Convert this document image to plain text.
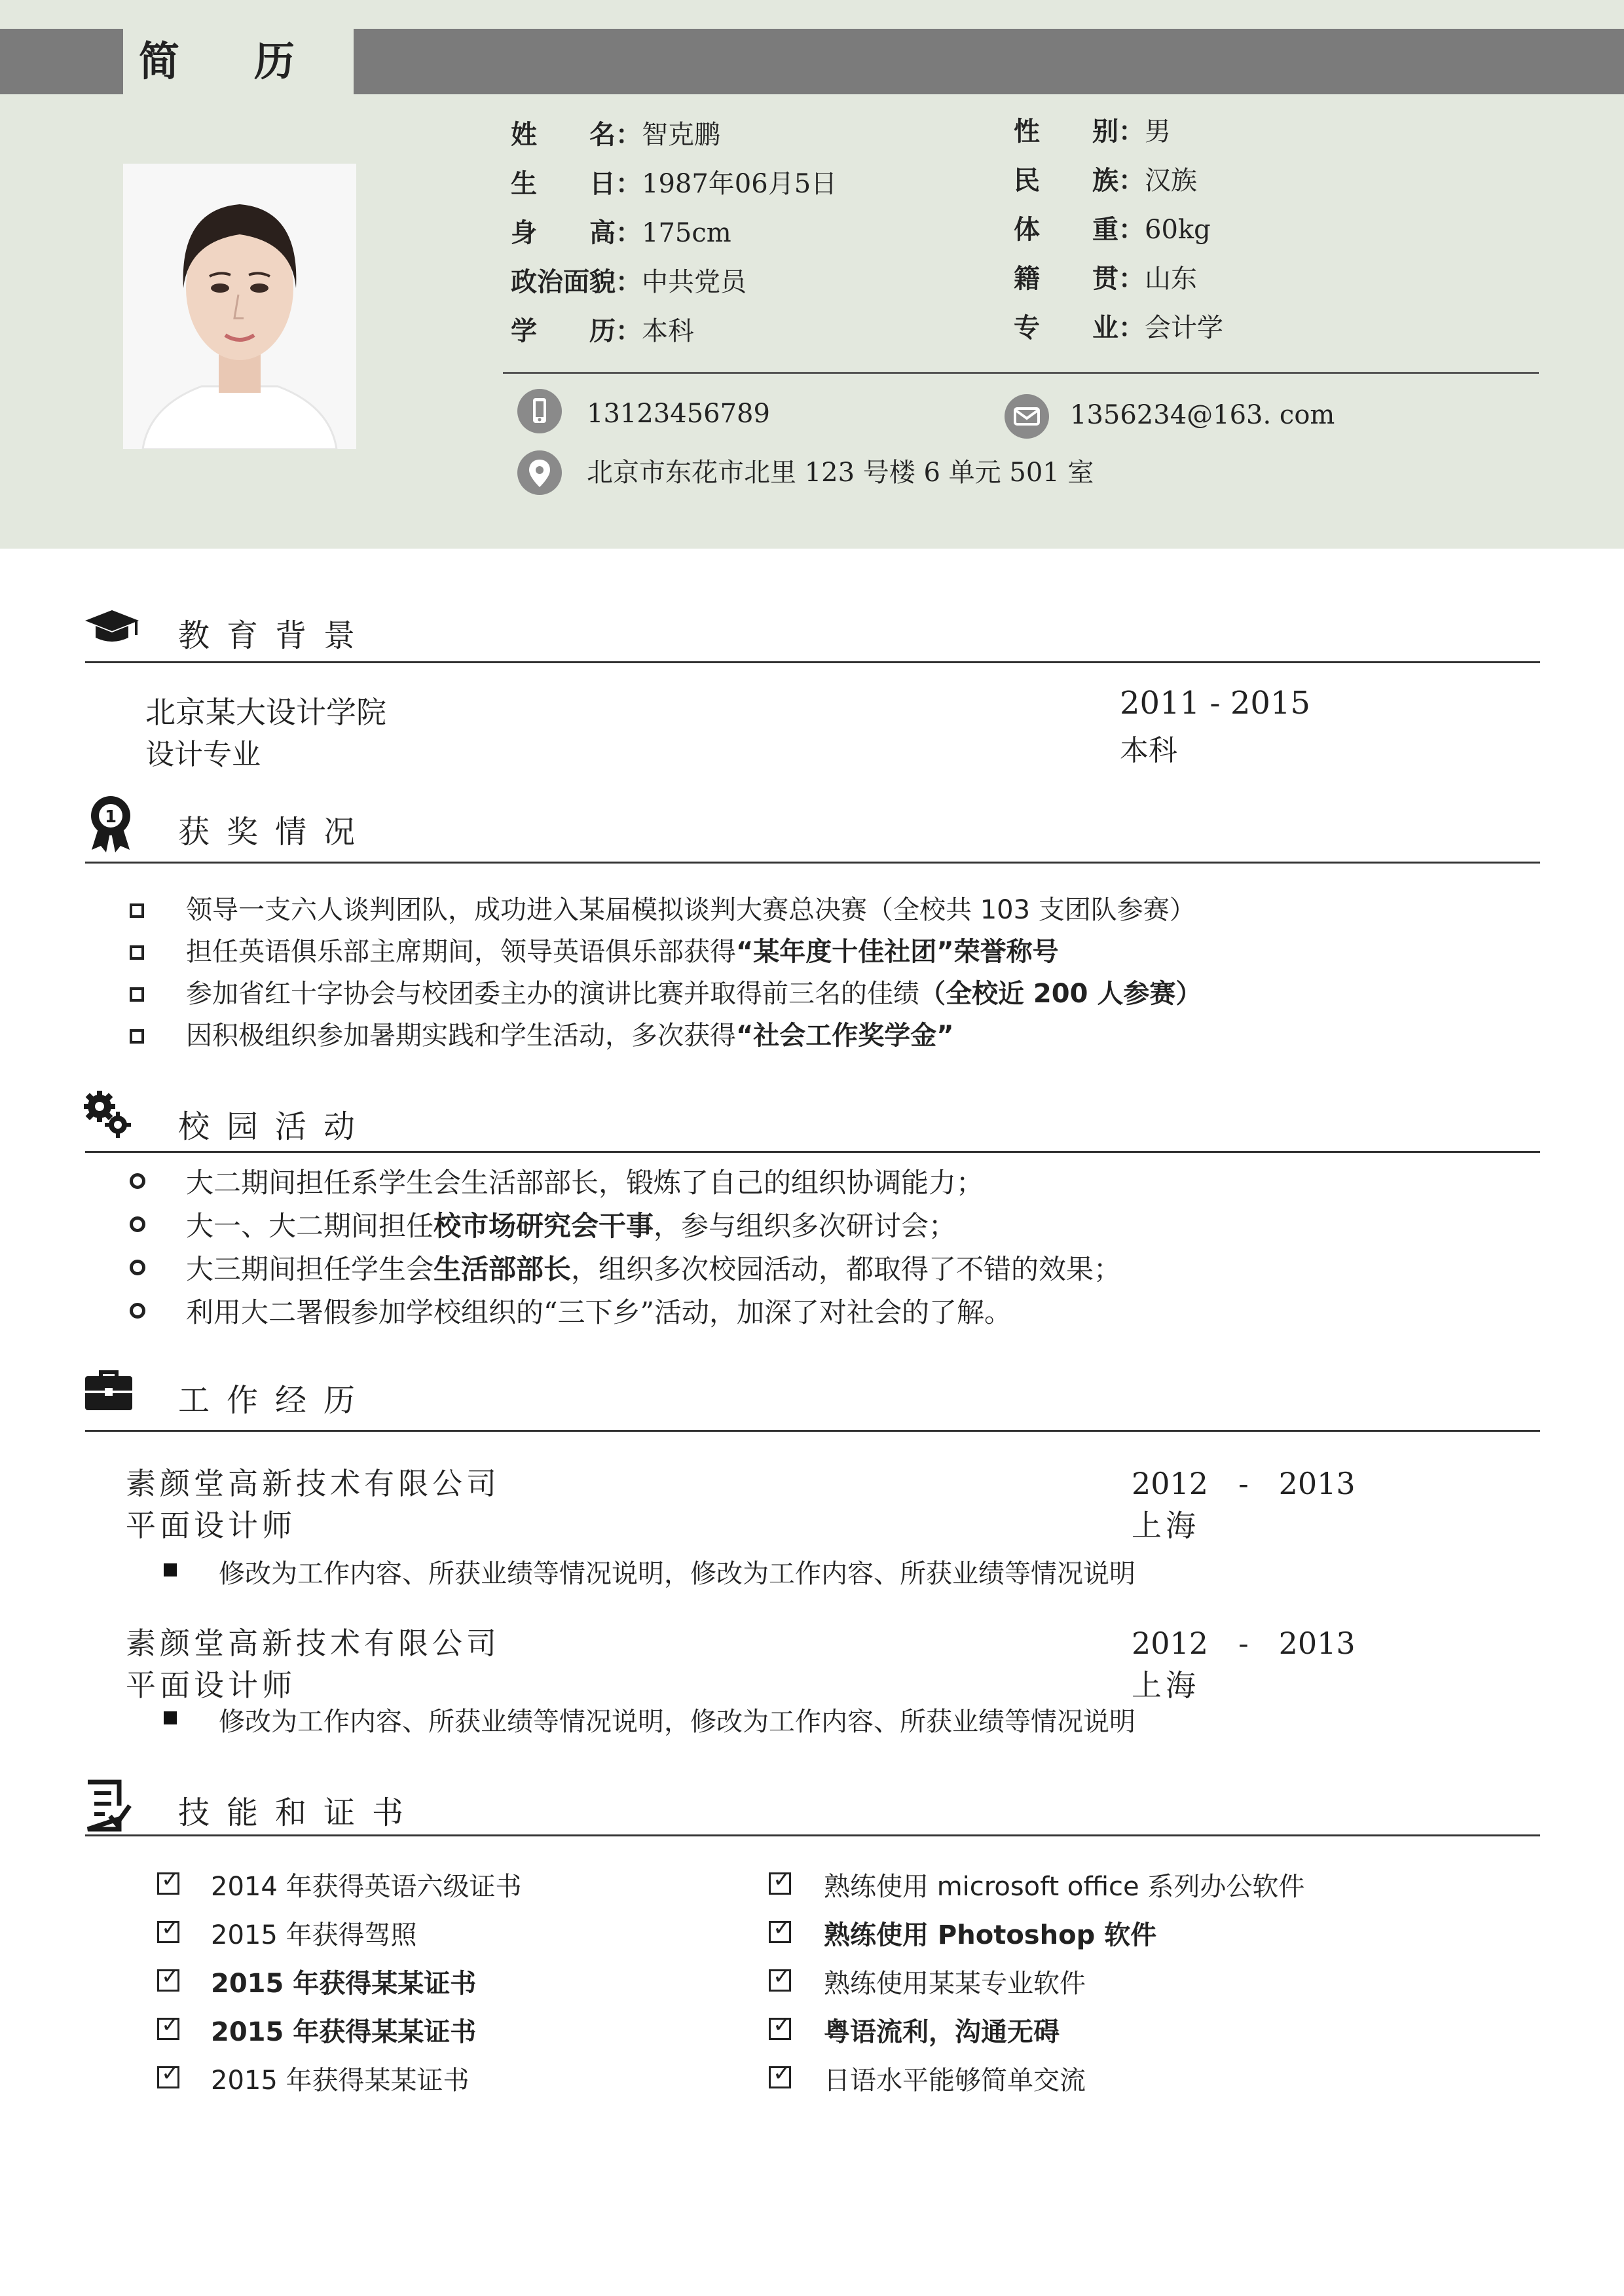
简历
姓　　名：智克鹏
生　　日：1987年06月5日
身　　高：175cm
政治面貌：中共党员
学　　历：本科
性　　别：男
民　　族：汉族
体　　重：60kg
籍　　贯：山东
专　　业：会计学
13123456789	1356234@163. com
北京市东花市北里 123 号楼 6 单元 501 室
教育背景
北京某大设计学院
设计专业
2011 - 2015
本科
1 获奖情况
领导一支六人谈判团队，成功进入某届模拟谈判大赛总决赛（全校共 103 支团队参赛）
担任英语俱乐部主席期间，领导英语俱乐部获得“某年度十佳社团”荣誉称号
参加省红十字协会与校团委主办的演讲比赛并取得前三名的佳绩（全校近 200 人参赛）
因积极组织参加暑期实践和学生活动，多次获得“社会工作奖学金”
校园活动
大二期间担任系学生会生活部部长，锻炼了自己的组织协调能力；
大一、大二期间担任校市场研究会干事，参与组织多次研讨会；
大三期间担任学生会生活部部长，组织多次校园活动，都取得了不错的效果；
利用大二署假参加学校组织的“三下乡”活动，加深了对社会的了解。
工作经历
素颜堂高新技术有限公司
平面设计师
2012　-　2013
上海
修改为工作内容、所获业绩等情况说明，修改为工作内容、所获业绩等情况说明
素颜堂高新技术有限公司
平面设计师
2012　-　2013
上海
修改为工作内容、所获业绩等情况说明，修改为工作内容、所获业绩等情况说明
技能和证书
✓ 2014 年获得英语六级证书
✓ 2015 年获得驾照
✓ 2015 年获得某某证书
✓ 2015 年获得某某证书
✓ 2015 年获得某某证书
✓ 熟练使用 microsoft office 系列办公软件
✓ 熟练使用 Photoshop 软件
✓ 熟练使用某某专业软件
✓ 粤语流利，沟通无碍
✓ 日语水平能够简单交流
